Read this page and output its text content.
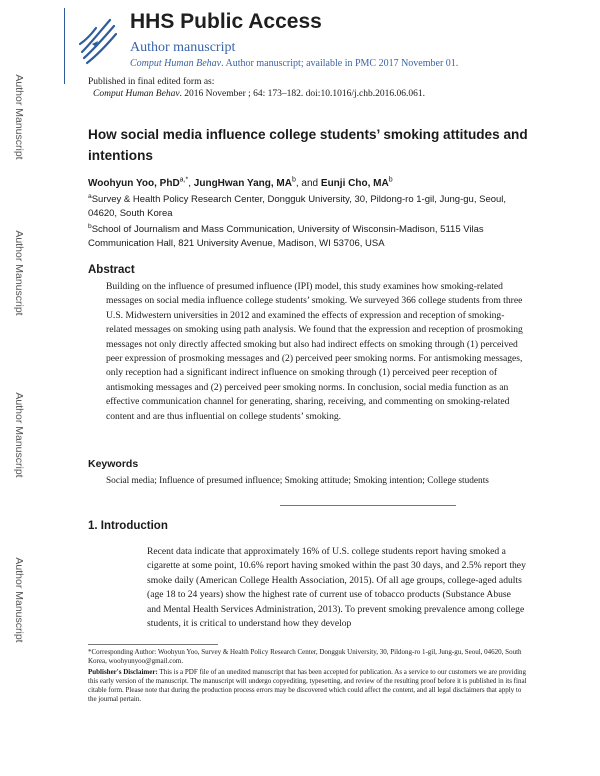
Author Manuscript
Author Manuscript
Author Manuscript
Author Manuscript
HHS Public Access
Author manuscript
Comput Human Behav. Author manuscript; available in PMC 2017 November 01.
Published in final edited form as:
Comput Human Behav. 2016 November ; 64: 173–182. doi:10.1016/j.chb.2016.06.061.
How social media influence college students’ smoking attitudes and intentions
Woohyun Yoo, PhD$^{a,*}$, JungHwan Yang, $MA^b$, and Eunji Cho, $MA^b$
$^a$Survey & Health Policy Research Center, Dongguk University, 30, Pildong-ro 1-gil, Jung-gu, Seoul, 04620, South Korea
$^b$School of Journalism and Mass Communication, University of Wisconsin-Madison, 5115 Vilas Communication Hall, 821 University Avenue, Madison, WI 53706, USA
Abstract
Building on the influence of presumed influence (IPI) model, this study examines how smoking-related messages on social media influence college students’ smoking. We surveyed 366 college students from three U.S. Midwestern universities in 2012 and examined the effects of expression and reception of smoking-related messages on smoking using path analysis. We found that the expression and reception of prosmoking messages not only directly affected smoking but also had indirect effects on smoking through (1) perceived peer expression of prosmoking messages and (2) perceived peer smoking norms. For antismoking messages, only reception had a significant indirect influence on smoking through (1) perceived peer reception of antismoking messages and (2) perceived peer smoking norms. In conclusion, social media function as an effective communication channel for generating, sharing, receiving, and commenting on smoking-related content and are thus influential on college students’ smoking.
Keywords
Social media; Influence of presumed influence; Smoking attitude; Smoking intention; College students
1. Introduction
Recent data indicate that approximately 16% of U.S. college students report having smoked a cigarette at some point, 10.6% report having smoked within the past 30 days, and 2.5% report they smoke daily (American College Health Association, 2015). Of all age groups, college-aged adults (age 18 to 24 years) show the highest rate of current use of tobacco products (Substance Abuse and Mental Health Services Administration, 2013). To prevent smoking prevalence among college students, it is critical to understand how they develop
*Corresponding Author: Woohyun Yoo, Survey & Health Policy Research Center, Dongguk University, 30, Pildong-ro 1-gil, Jung-gu, Seoul, 04620, South Korea, woohyunyoo@gmail.com.
Publisher's Disclaimer: This is a PDF file of an unedited manuscript that has been accepted for publication. As a service to our customers we are providing this early version of the manuscript. The manuscript will undergo copyediting, typesetting, and review of the resulting proof before it is published in its final citable form. Please note that during the production process errors may be discovered which could affect the content, and all legal disclaimers that apply to the journal pertain.
